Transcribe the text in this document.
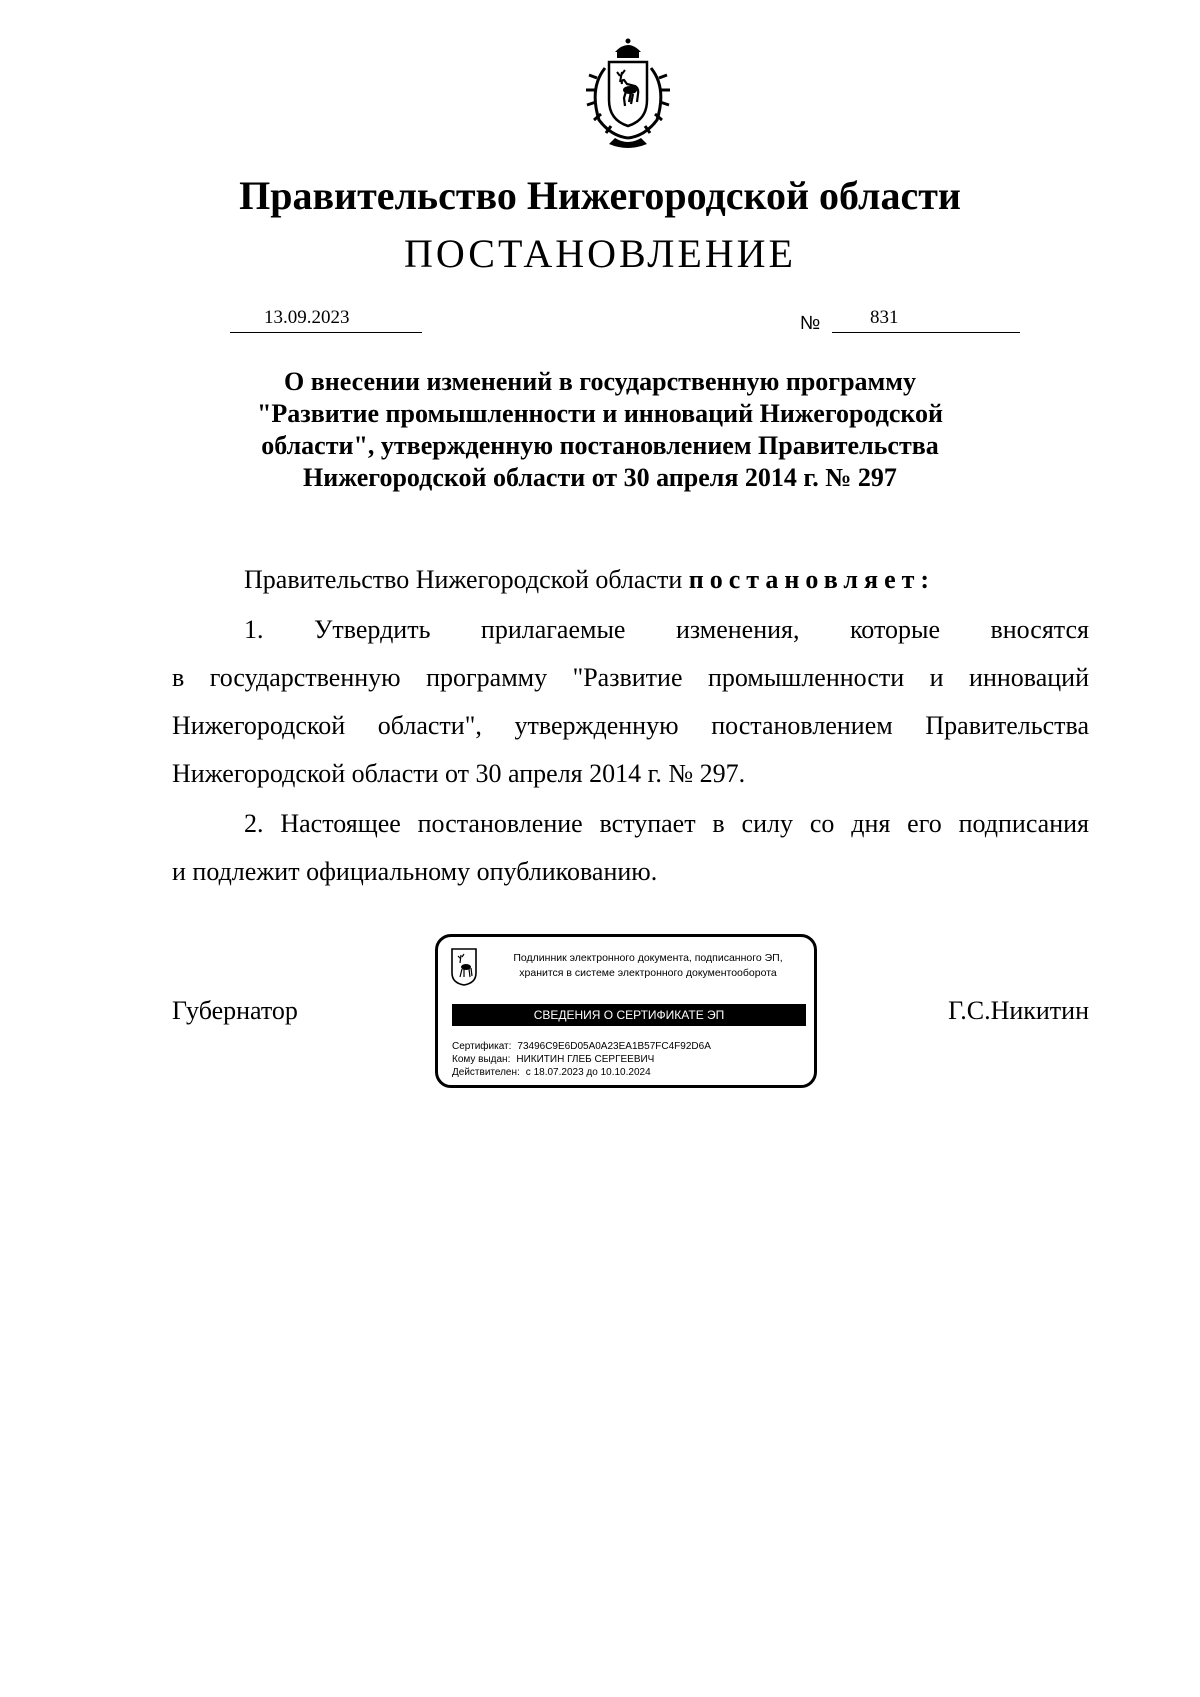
Правительство Нижегородской области
ПОСТАНОВЛЕНИЕ
13.09.2023	№	831
О внесении изменений в государственную программу
"Развитие промышленности и инноваций Нижегородской
области", утвержденную постановлением Правительства
Нижегородской области от 30 апреля 2014 г. № 297
Правительство Нижегородской области постановляет:
1. Утвердить прилагаемые изменения, которые вносятся
в государственную программу "Развитие промышленности и инноваций
Нижегородской области", утвержденную постановлением Правительства
Нижегородской области от 30 апреля 2014 г. № 297.
2. Настоящее постановление вступает в силу со дня его подписания
и подлежит официальному опубликованию.
Губернатор
Подлинник электронного документа, подписанного ЭП,
хранится в системе электронного документооборота
СВЕДЕНИЯ О СЕРТИФИКАТЕ ЭП
Сертификат: 73496C9E6D05A0A23EA1B57FC4F92D6A
Кому выдан: НИКИТИН ГЛЕБ СЕРГЕЕВИЧ
Действителен: с 18.07.2023 до 10.10.2024
Г.С.Никитин
